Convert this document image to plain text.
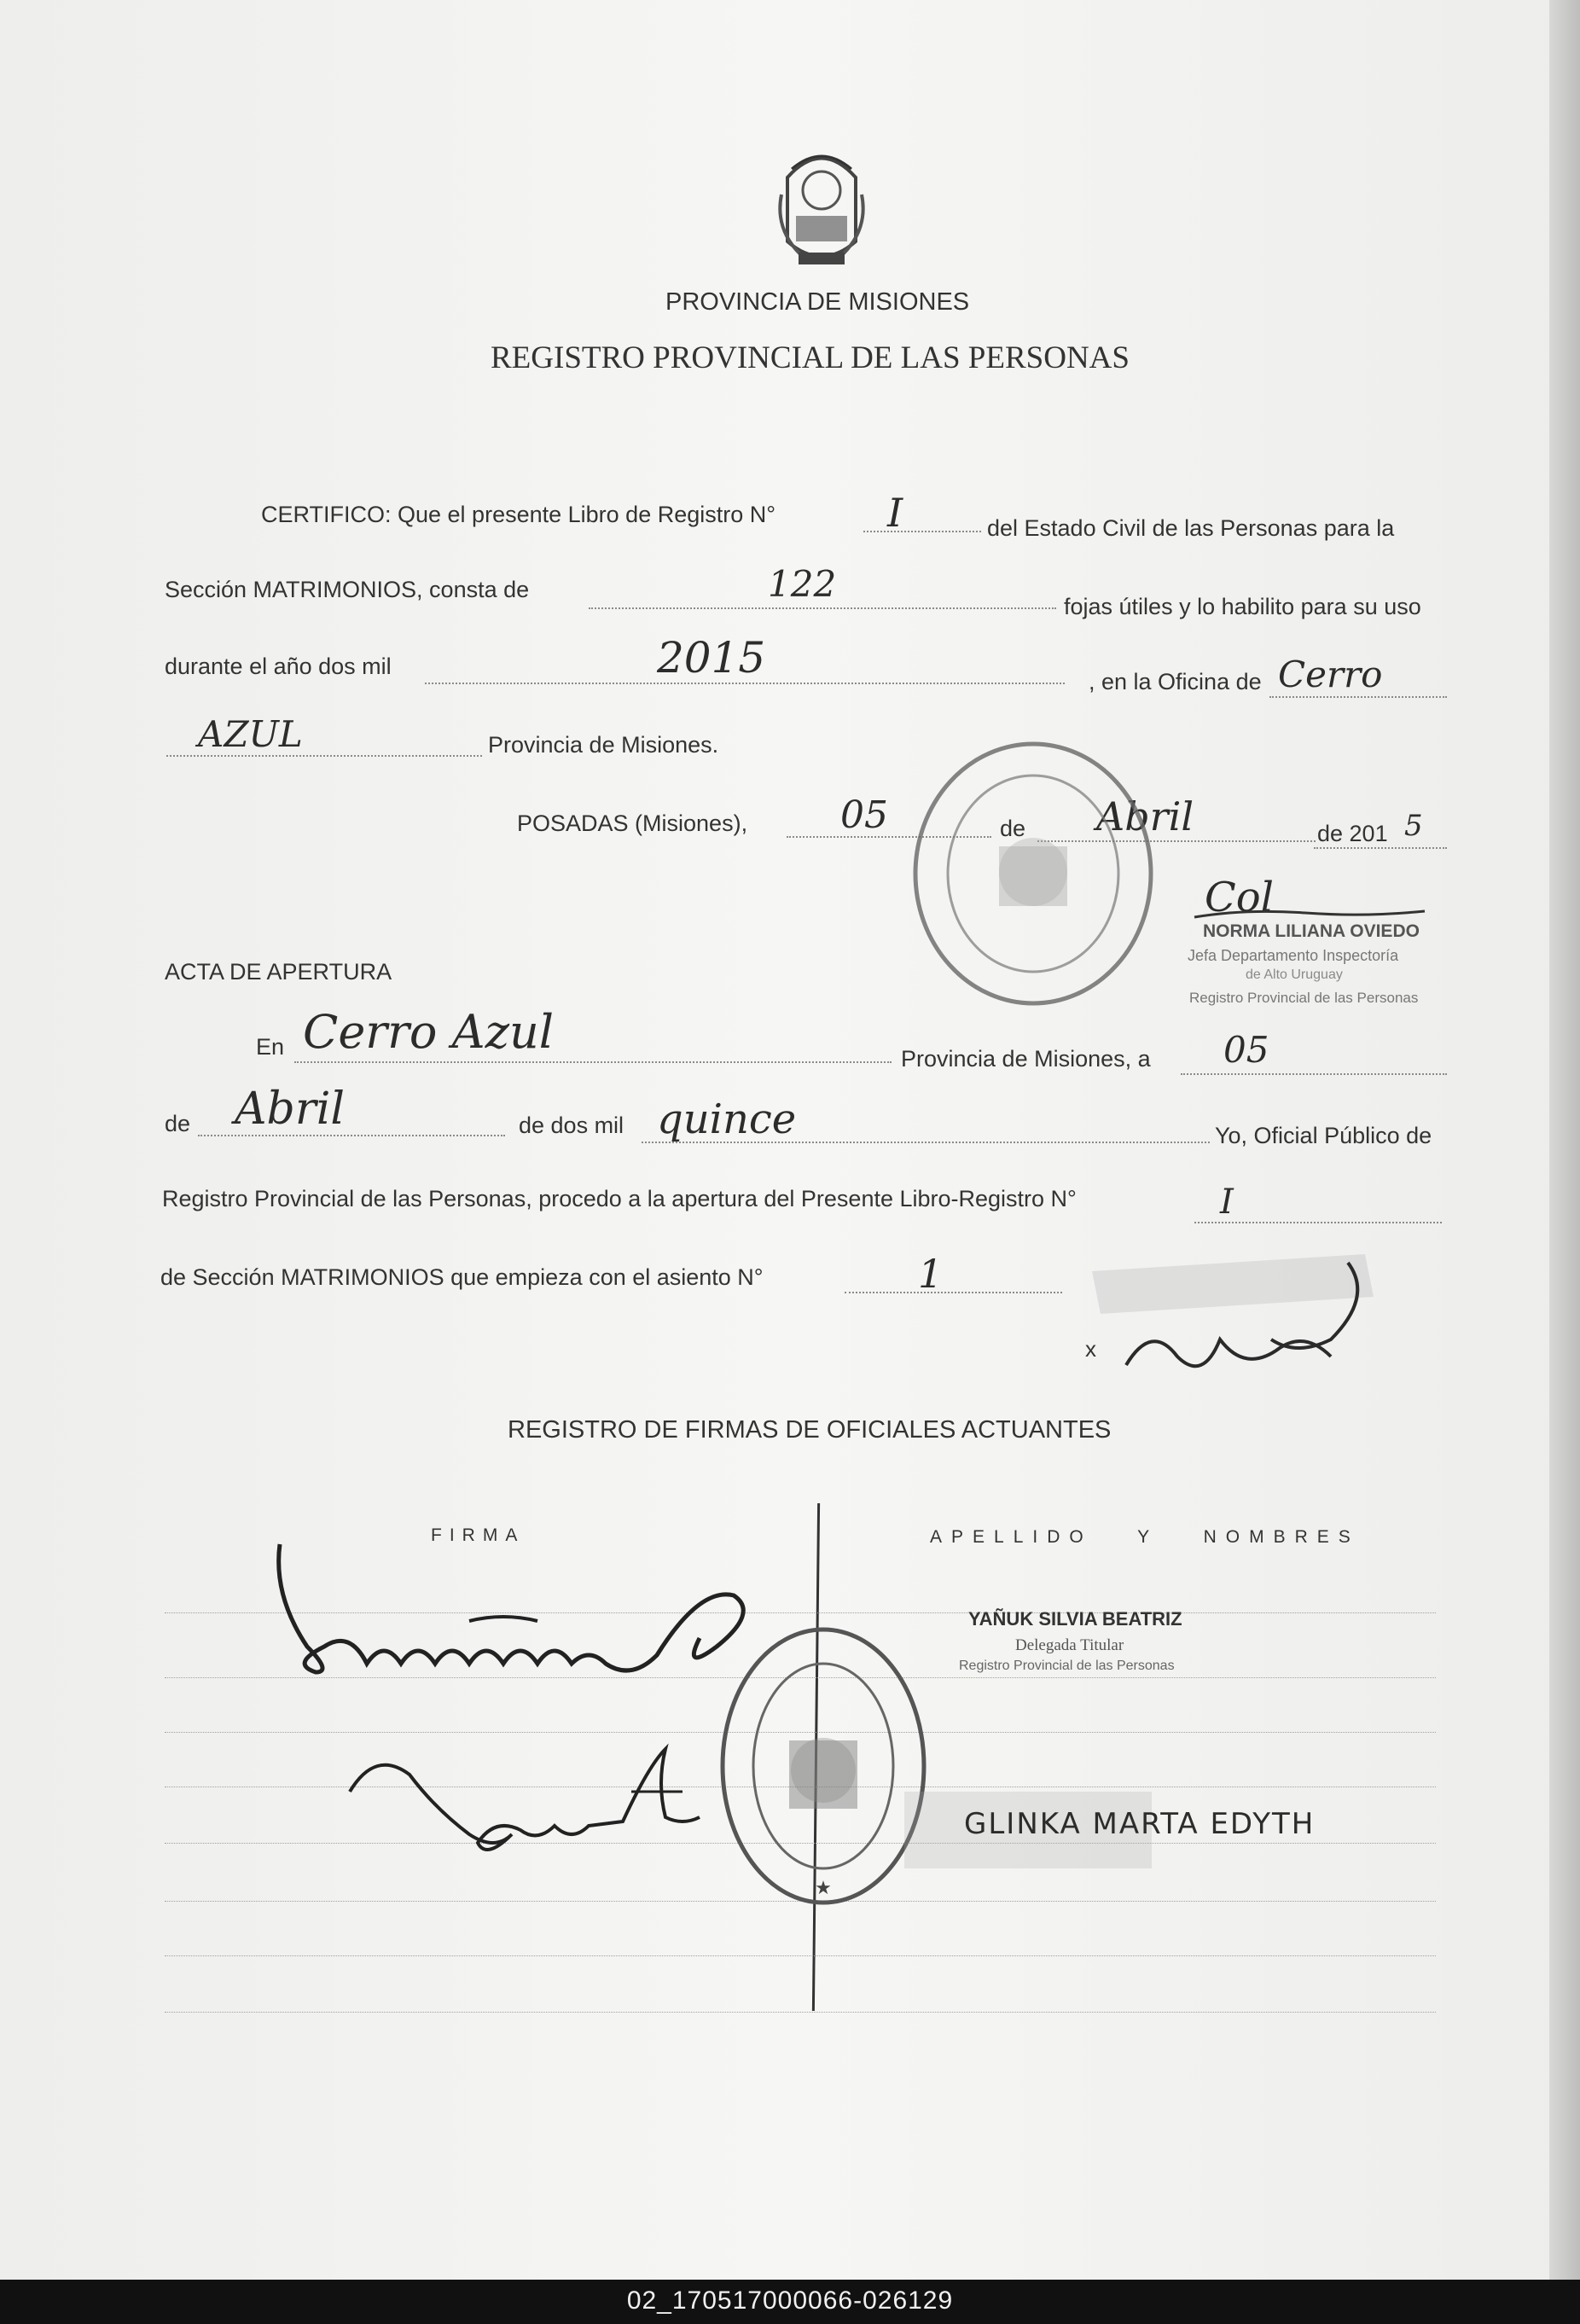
PROVINCIA DE MISIONES
REGISTRO PROVINCIAL DE LAS PERSONAS
CERTIFICO: Que el presente Libro de Registro N°	I	del Estado Civil de las Personas para la
Sección MATRIMONIOS, consta de	122
fojas útiles y lo habilito para su uso
durante el año dos mil	2015	, en la Oficina de Cerro
AZUL	Provincia de Misiones.
POSADAS (Misiones), 05	de Abril	de 201 5
Col
NORMA LILIANA OVIEDO
Jefa Departamento Inspectoría
de Alto Uruguay
Registro Provincial de las Personas
ACTA DE APERTURA
En Cerro Azul	Provincia de Misiones, a 05
de Abril	de dos mil quince	Yo, Oficial Público de
Registro Provincial de las Personas, procedo a la apertura del Presente Libro-Registro N°	I
de Sección MATRIMONIOS que empieza con el asiento N°	1
x
REGISTRO DE FIRMAS DE OFICIALES ACTUANTES
FIRMA	APELLIDO Y NOMBRES
★
YAÑUK SILVIA BEATRIZ
Delegada Titular
Registro Provincial de las Personas
GLINKA MARTA EDYTH
02_170517000066-026129
